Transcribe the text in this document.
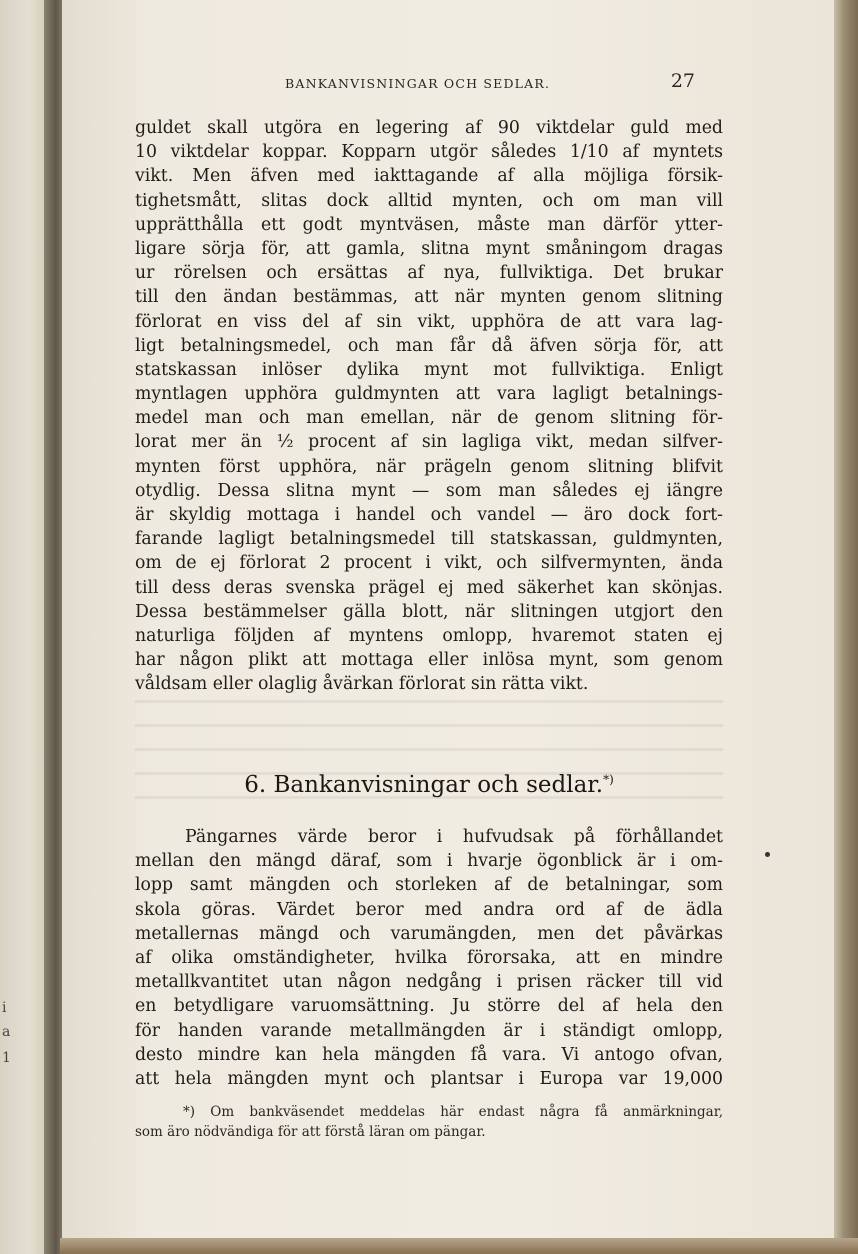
i
a
1
BANKANVISNINGAR OCH SEDLAR.	27
guldet skall utgöra en legering af 90 viktdelar guld med
10 viktdelar koppar. Kopparn utgör således 1/10 af myntets
vikt. Men äfven med iakttagande af alla möjliga försik-
tighetsmått, slitas dock alltid mynten, och om man vill
upprätthålla ett godt myntväsen, måste man därför ytter-
ligare sörja för, att gamla, slitna mynt småningom dragas
ur rörelsen och ersättas af nya, fullviktiga. Det brukar
till den ändan bestämmas, att när mynten genom slitning
förlorat en viss del af sin vikt, upphöra de att vara lag-
ligt betalningsmedel, och man får då äfven sörja för, att
statskassan inlöser dylika mynt mot fullviktiga. Enligt
myntlagen upphöra guldmynten att vara lagligt betalnings-
medel man och man emellan, när de genom slitning för-
lorat mer än ½ procent af sin lagliga vikt, medan silfver-
mynten först upphöra, när prägeln genom slitning blifvit
otydlig. Dessa slitna mynt — som man således ej iängre
är skyldig mottaga i handel och vandel — äro dock fort-
farande lagligt betalningsmedel till statskassan, guldmynten,
om de ej förlorat 2 procent i vikt, och silfvermynten, ända
till dess deras svenska prägel ej med säkerhet kan skönjas.
Dessa bestämmelser gälla blott, när slitningen utgjort den
naturliga följden af myntens omlopp, hvaremot staten ej
har någon plikt att mottaga eller inlösa mynt, som genom
våldsam eller olaglig åvärkan förlorat sin rätta vikt.
6. Bankanvisningar och sedlar.*)
Pängarnes värde beror i hufvudsak på förhållandet
mellan den mängd däraf, som i hvarje ögonblick är i om-
lopp samt mängden och storleken af de betalningar, som
skola göras. Värdet beror med andra ord af de ädla
metallernas mängd och varumängden, men det påvärkas
af olika omständigheter, hvilka förorsaka, att en mindre
metallkvantitet utan någon nedgång i prisen räcker till vid
en betydligare varuomsättning. Ju större del af hela den
för handen varande metallmängden är i ständigt omlopp,
desto mindre kan hela mängden få vara. Vi antogo ofvan,
att hela mängden mynt och plantsar i Europa var 19,000
*) Om bankväsendet meddelas här endast några få anmärkningar,
som äro nödvändiga för att förstå läran om pängar.
